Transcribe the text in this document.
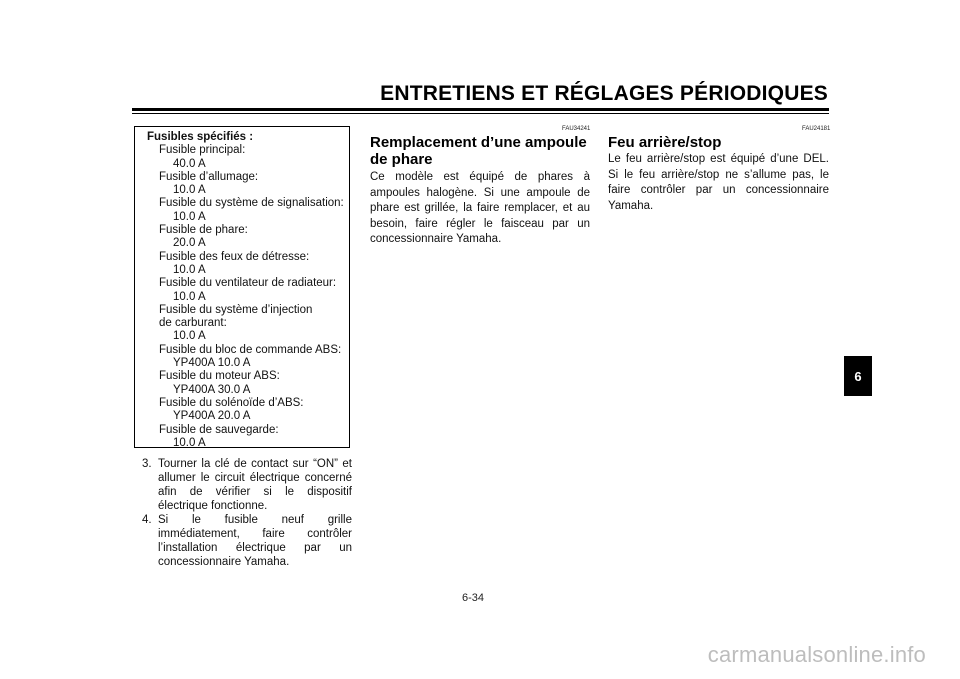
ENTRETIENS ET RÉGLAGES PÉRIODIQUES
Fusibles spécifiés :
Fusible principal:
40.0 A
Fusible d’allumage:
10.0 A
Fusible du système de signalisation:
10.0 A
Fusible de phare:
20.0 A
Fusible des feux de détresse:
10.0 A
Fusible du ventilateur de radiateur:
10.0 A
Fusible du système d’injection de carburant:
10.0 A
Fusible du bloc de commande ABS:
YP400A 10.0 A
Fusible du moteur ABS:
YP400A 30.0 A
Fusible du solénoïde d’ABS:
YP400A 20.0 A
Fusible de sauvegarde:
10.0 A
3. Tourner la clé de contact sur “ON” et allumer le circuit électrique concerné afin de vérifier si le dispositif électrique fonctionne.
4. Si le fusible neuf grille immédiatement, faire contrôler l’installation électrique par un concessionnaire Yamaha.
FAU34241
Remplacement d’une ampoule
de phare
Ce modèle est équipé de phares à ampoules halogène. Si une ampoule de phare est grillée, la faire remplacer, et au besoin, faire régler le faisceau par un concessionnaire Yamaha.
FAU24181
Feu arrière/stop
Le feu arrière/stop est équipé d’une DEL. Si le feu arrière/stop ne s’allume pas, le faire contrôler par un concessionnaire Yamaha.
6
6-34
carmanualsonline.info
